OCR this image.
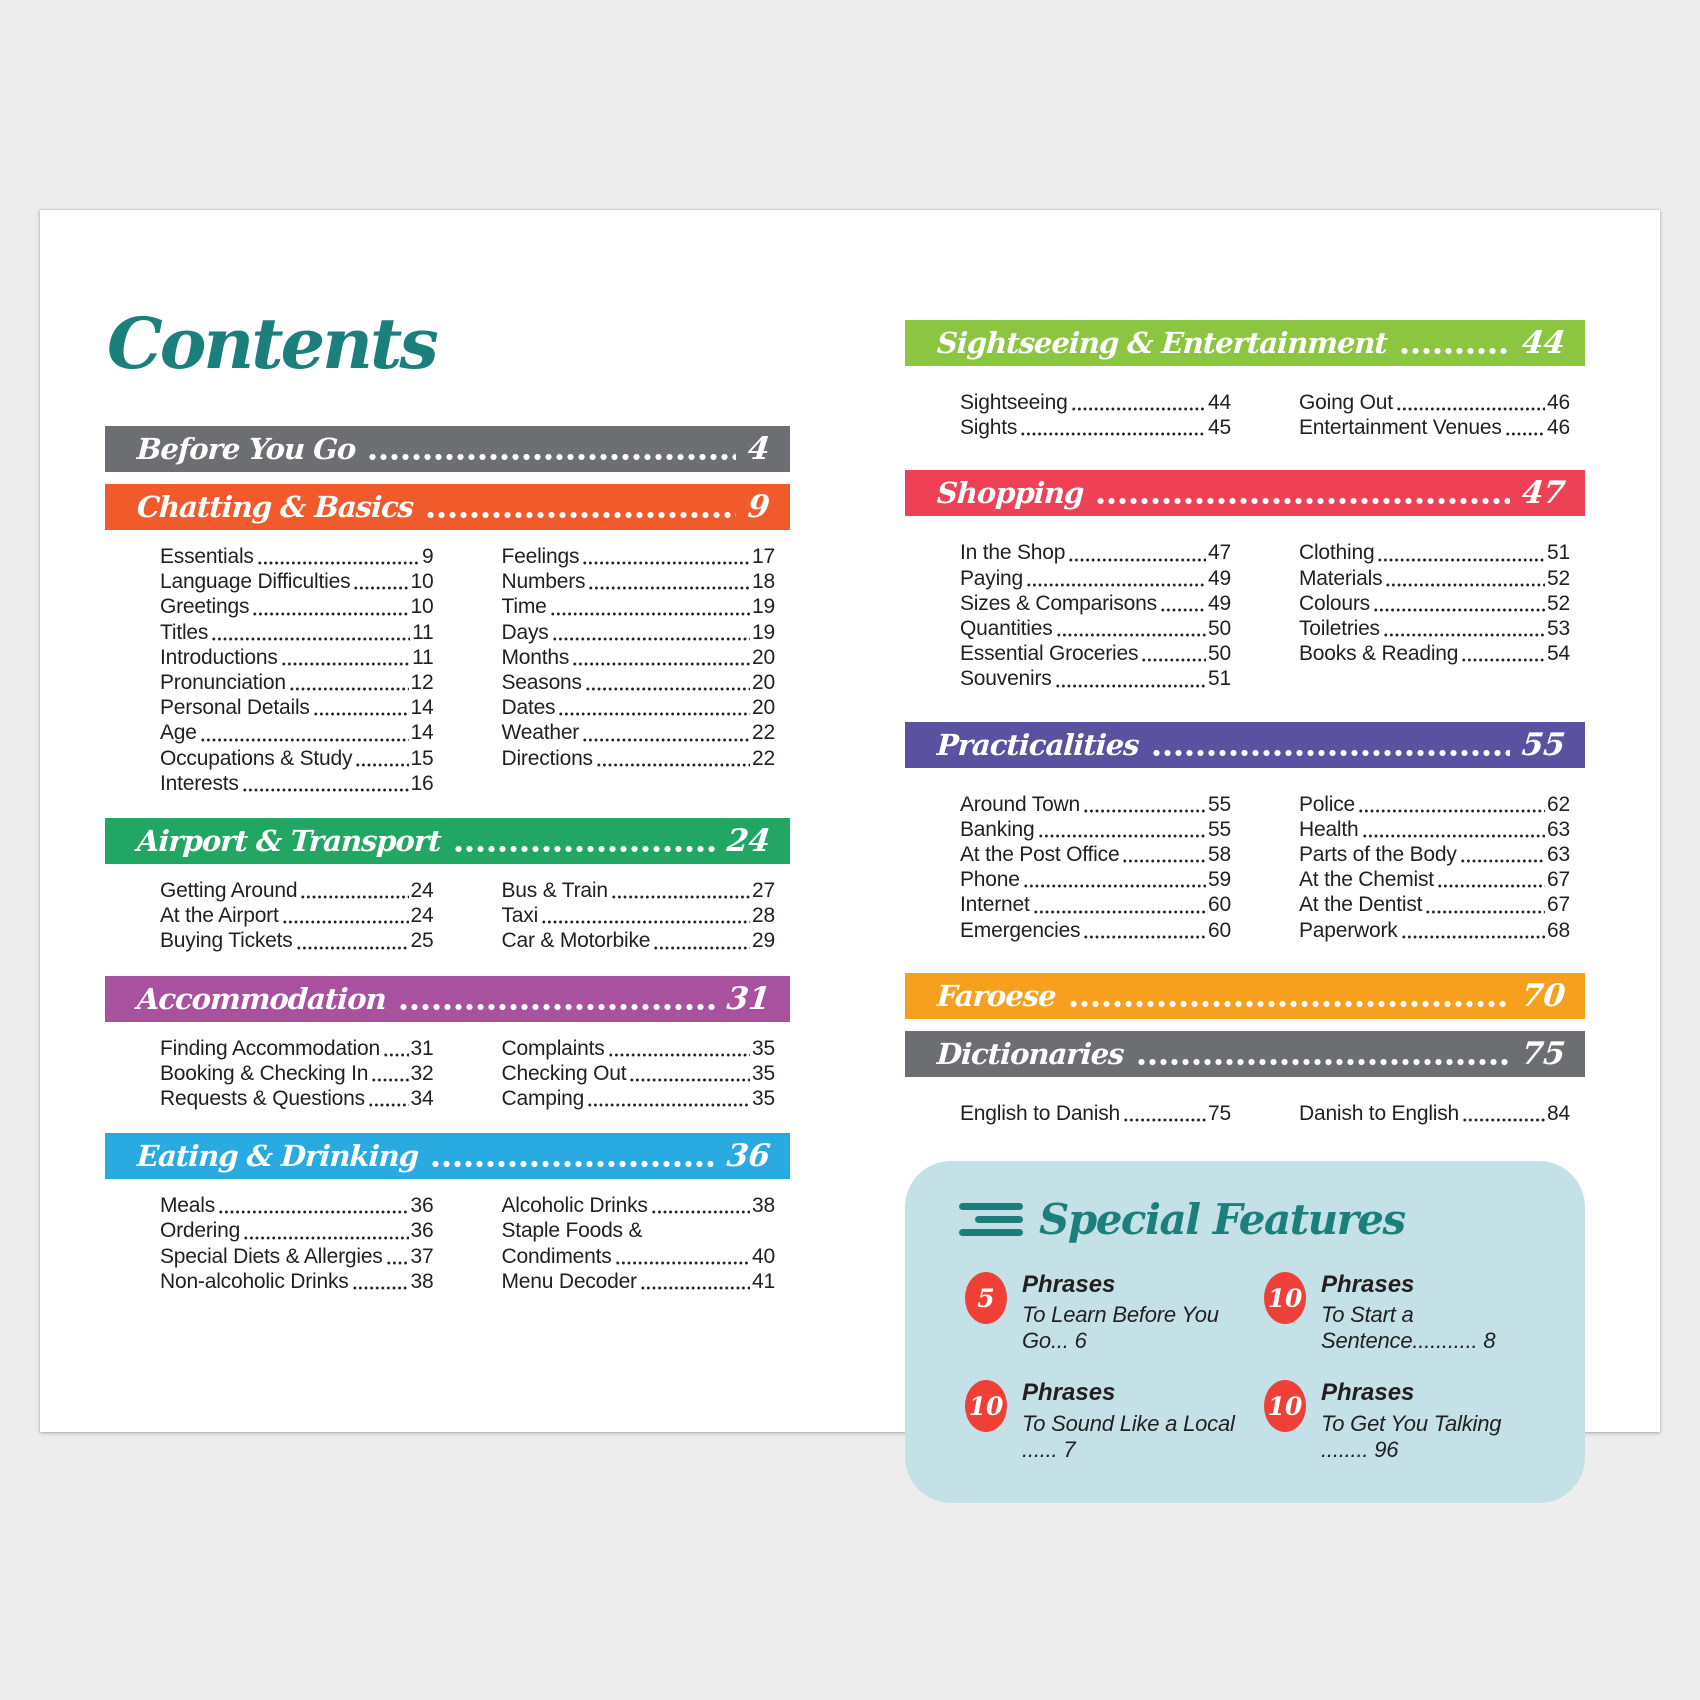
Contents
Before You Go	4
Chatting & Basics	9
Essentials	9
Language Difficulties	10
Greetings	10
Titles	11
Introductions	11
Pronunciation	12
Personal Details	14
Age	14
Occupations & Study	15
Interests	16
Feelings	17
Numbers	18
Time	19
Days	19
Months	20
Seasons	20
Dates	20
Weather	22
Directions	22
Airport & Transport	24
Getting Around	24
At the Airport	24
Buying Tickets	25
Bus & Train	27
Taxi	28
Car & Motorbike	29
Accommodation	31
Finding Accommodation 31
Booking & Checking In 32
Requests & Questions 34
Complaints	35
Checking Out	35
Camping	35
Eating & Drinking	36
Meals	36
Ordering	36
Special Diets & Allergies 37
Non-alcoholic Drinks	38
Alcoholic Drinks	38
Staple Foods &
Condiments	40
Menu Decoder	41
Sightseeing & Entertainment	44
Sightseeing	44
Sights	45
Going Out	46
Entertainment Venues 46
Shopping	47
In the Shop	47
Paying	49
Sizes & Comparisons 49
Quantities	50
Essential Groceries	50
Souvenirs	51
Clothing	51
Materials	52
Colours	52
Toiletries	53
Books & Reading	54
Practicalities	55
Around Town	55
Banking	55
At the Post Office	58
Phone	59
Internet	60
Emergencies	60
Police	62
Health	63
Parts of the Body	63
At the Chemist	67
At the Dentist	67
Paperwork	68
Faroese	70
Dictionaries	75
English to Danish	75	Danish to English	84
Special Features
5	Phrases
To Learn Before You Go... 6
10 Phrases
To Start a Sentence........... 8
10 Phrases
To Sound Like a Local ...... 7
10 Phrases
To Get You Talking ........ 96
